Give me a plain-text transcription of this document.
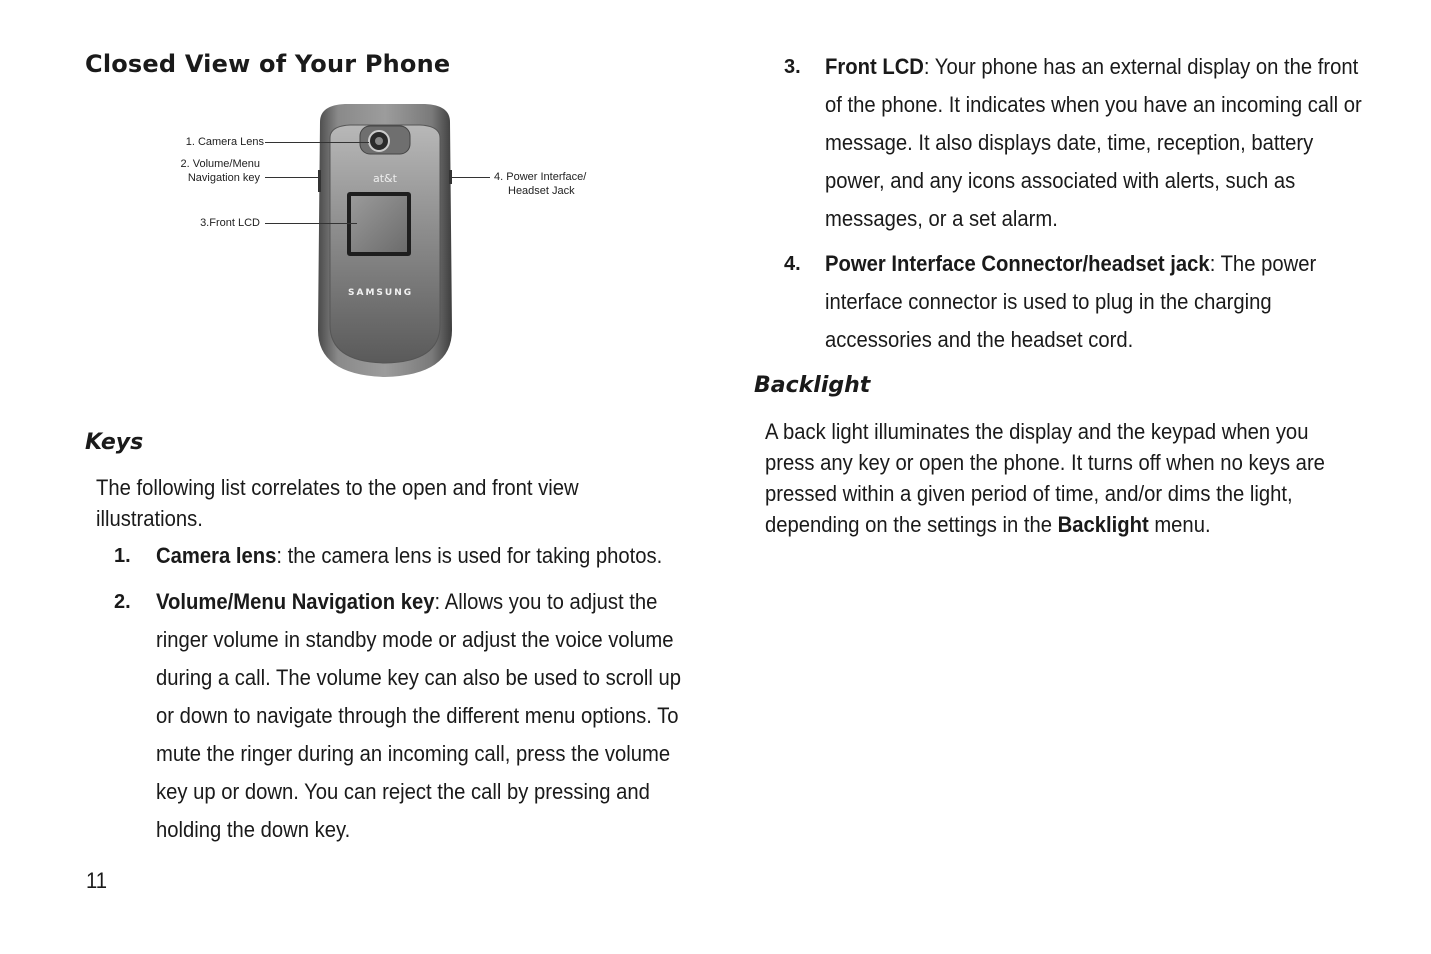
Closed View of Your Phone
at&t
SAMSUNG
1. Camera Lens
2. Volume/Menu
Navigation key
3.Front LCD
4. Power Interface/
Headset Jack
Keys

The following list correlates to the open and front view illustrations.

1. Camera lens: the camera lens is used for taking photos.
2. Volume/Menu Navigation key: Allows you to adjust the ringer volume in standby mode or adjust the voice volume during a call. The volume key can also be used to scroll up or down to navigate through the different menu options. To mute the ringer during an incoming call, press the volume key up or down. You can reject the call by pressing and holding the down key.
11
3. Front LCD: Your phone has an external display on the front of the phone. It indicates when you have an incoming call or message. It also displays date, time, reception, battery power, and any icons associated with alerts, such as messages, or a set alarm.
4. Power Interface Connector/headset jack: The power interface connector is used to plug in the charging accessories and the headset cord.
Backlight

A back light illuminates the display and the keypad when you press any key or open the phone. It turns off when no keys are pressed within a given period of time, and/or dims the light, depending on the settings in the Backlight menu.
